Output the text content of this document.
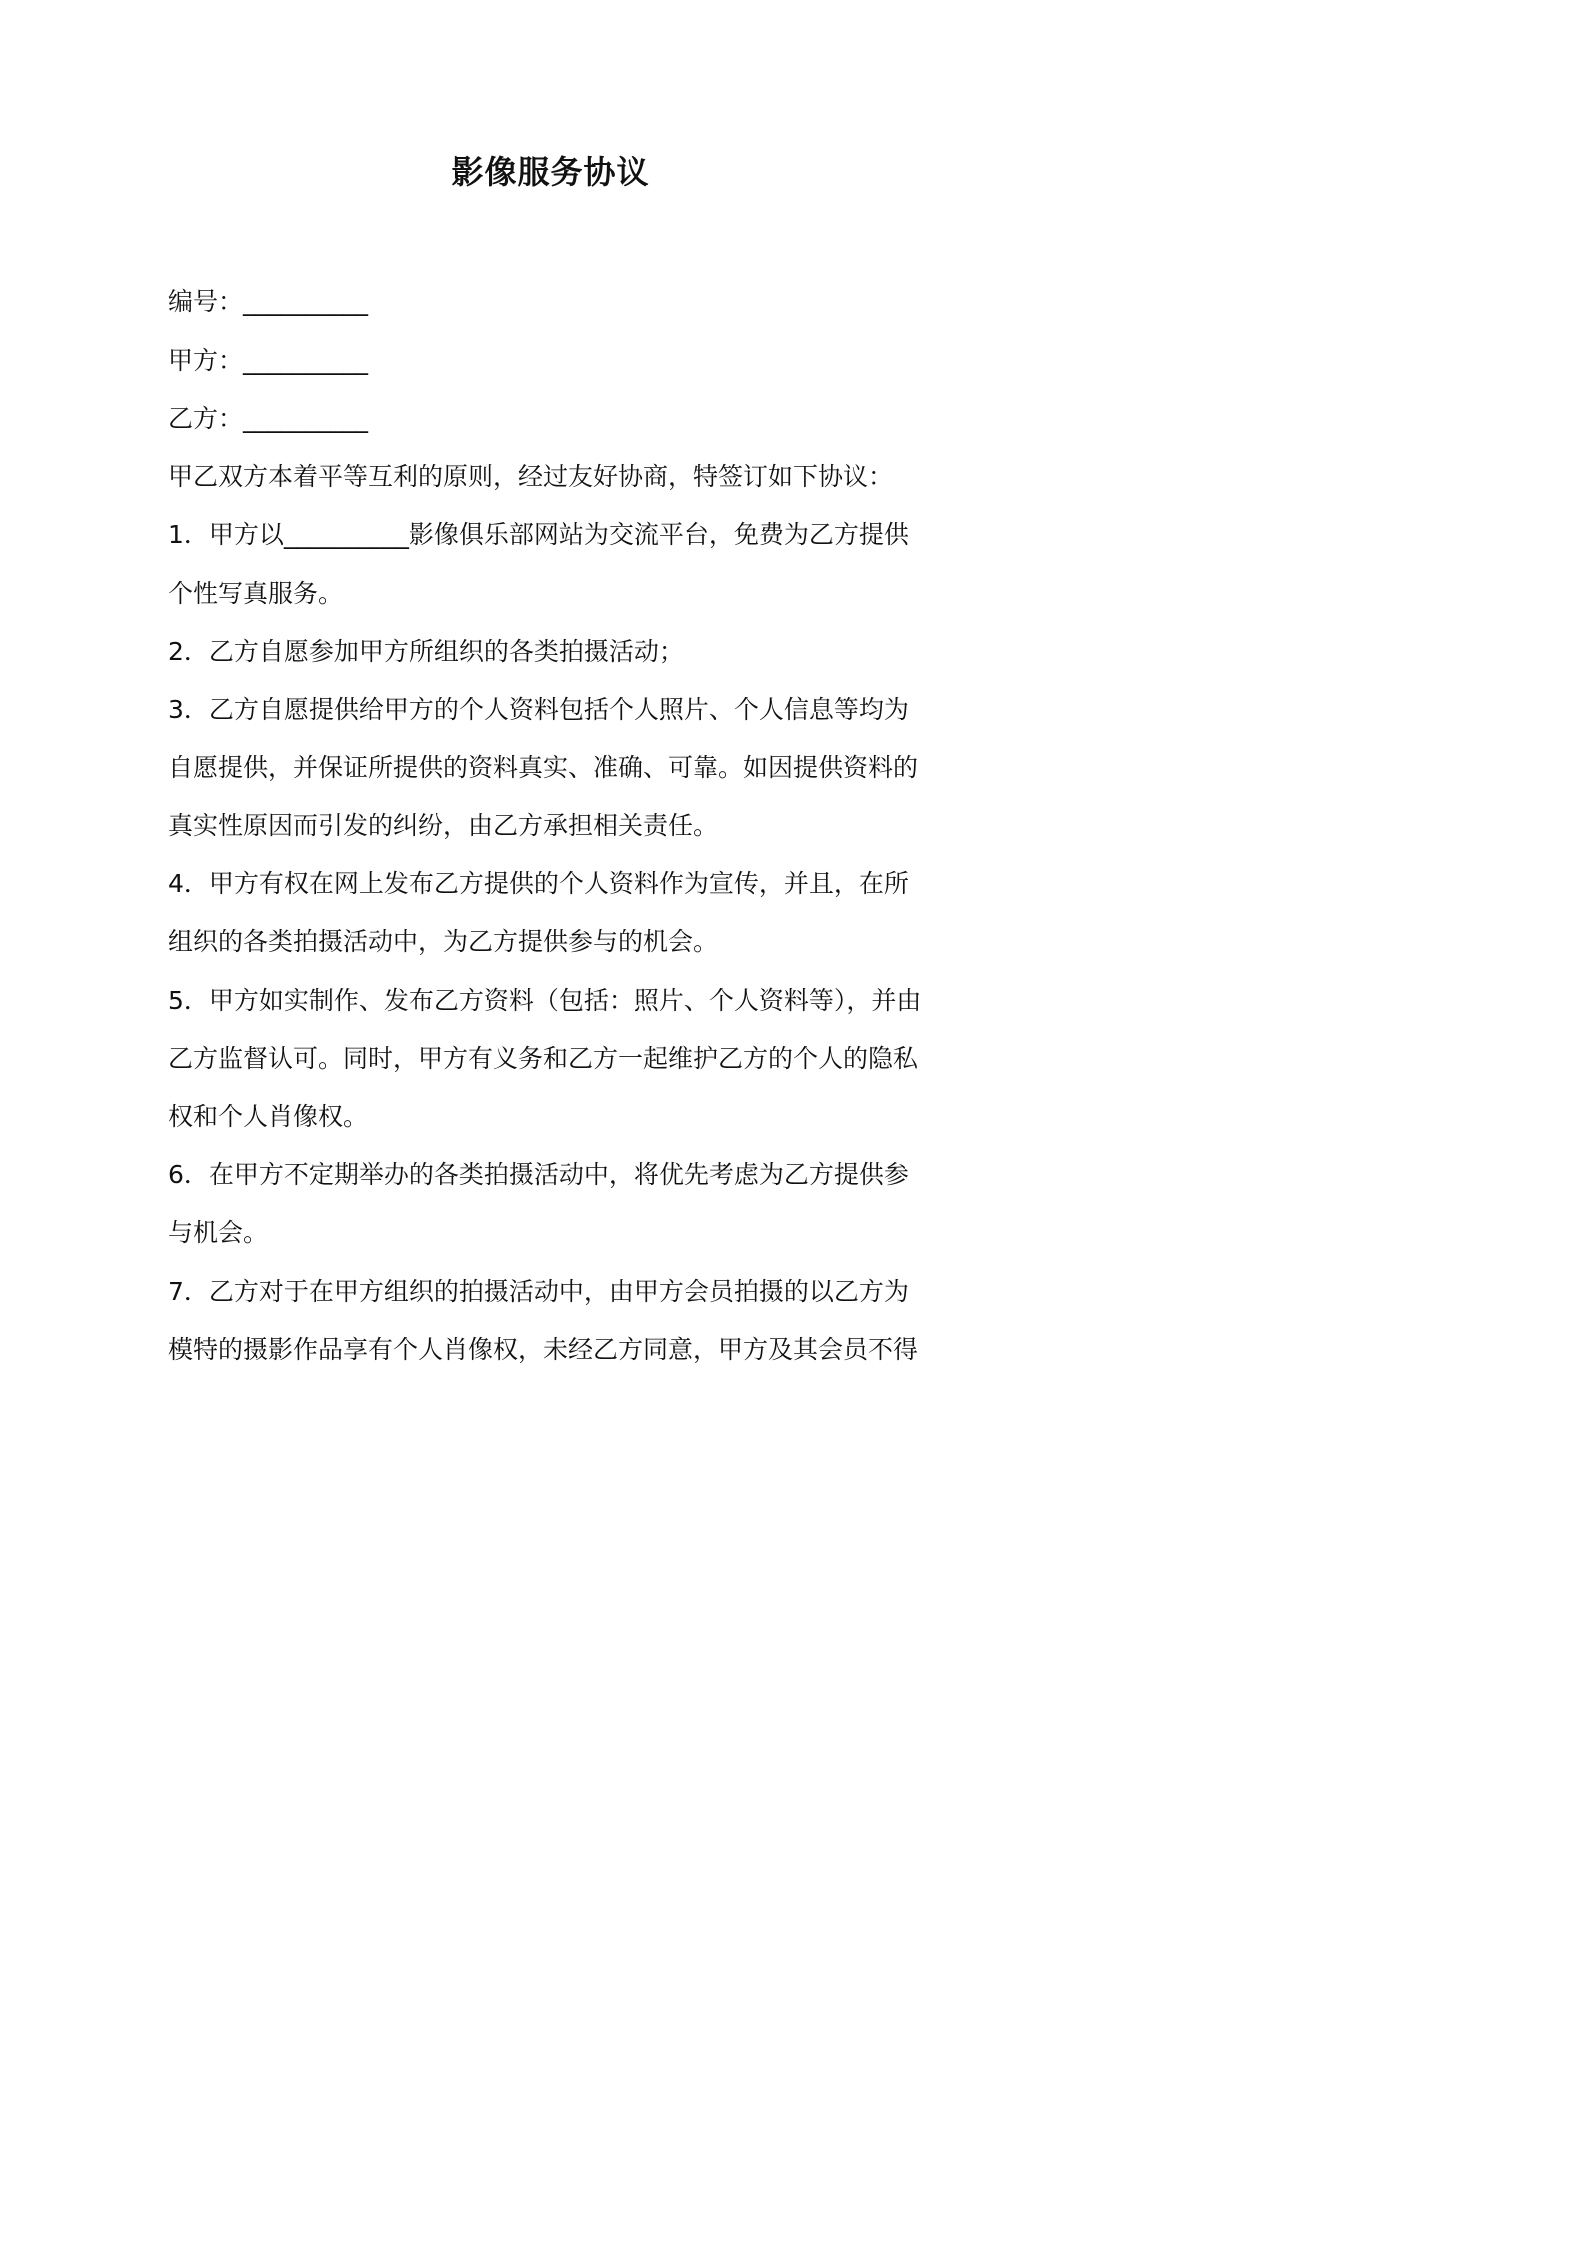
影像服务协议
编号：__________
甲方：__________
乙方：__________
甲乙双方本着平等互利的原则，经过友好协商，特签订如下协议：
1．甲方以__________影像俱乐部网站为交流平台，免费为乙方提供
个性写真服务。
2．乙方自愿参加甲方所组织的各类拍摄活动；
3．乙方自愿提供给甲方的个人资料包括个人照片、个人信息等均为
自愿提供，并保证所提供的资料真实、准确、可靠。如因提供资料的
真实性原因而引发的纠纷，由乙方承担相关责任。
4．甲方有权在网上发布乙方提供的个人资料作为宣传，并且，在所
组织的各类拍摄活动中，为乙方提供参与的机会。
5．甲方如实制作、发布乙方资料（包括：照片、个人资料等），并由
乙方监督认可。同时，甲方有义务和乙方一起维护乙方的个人的隐私
权和个人肖像权。
6．在甲方不定期举办的各类拍摄活动中，将优先考虑为乙方提供参
与机会。
7．乙方对于在甲方组织的拍摄活动中，由甲方会员拍摄的以乙方为
模特的摄影作品享有个人肖像权，未经乙方同意，甲方及其会员不得
